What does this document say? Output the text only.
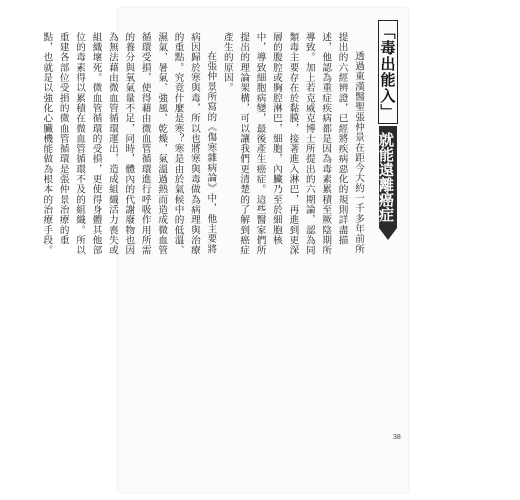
「毒出能入」
就能遠離癌症

透過東漢醫聖張仲景在距今大約一千多年前所提出的六經辨證，已經將疾病惡化的規則詳盡描述，他認為重症疾病都是因為毒素累積至厥陰期所導致。加上若克威克博士所提出的六期論，認為同類毒主要存在於黏膜，接著進入淋巴，再進到更深層的腹腔或胸腔淋巴，細胞，內臟乃至於細胞核中，導致細胞病變，最後產生癌症。這些醫家們所提出的理論架構，可以讓我們更清楚的了解到癌症產生的原因。

在張仲景所寫的《傷寒雜病論》中，他主要將病因歸於寒與毒，所以也將寒與毒做為病理與治療的重點。究竟什麼是寒？寒是由於氣候中的低溫、濕氣、暑氣、強風、乾燥，氣溫過熱而造成微血管循環受損，使得藉由微血管循環進行呼吸作用所需的養分與氧氣量不足，同時，體內的代謝廢物也因為無法藉由微血管循環運出，造成組織活力喪失或組織壞死。微血管循環的受損，更使得身體其他部位的毒素得以累積在微血管循環不及的組織。所以重建各部位受損的微血管循環是張仲景治療的重點，也就是以強化心臟機能做為根本的治療手段。

38
